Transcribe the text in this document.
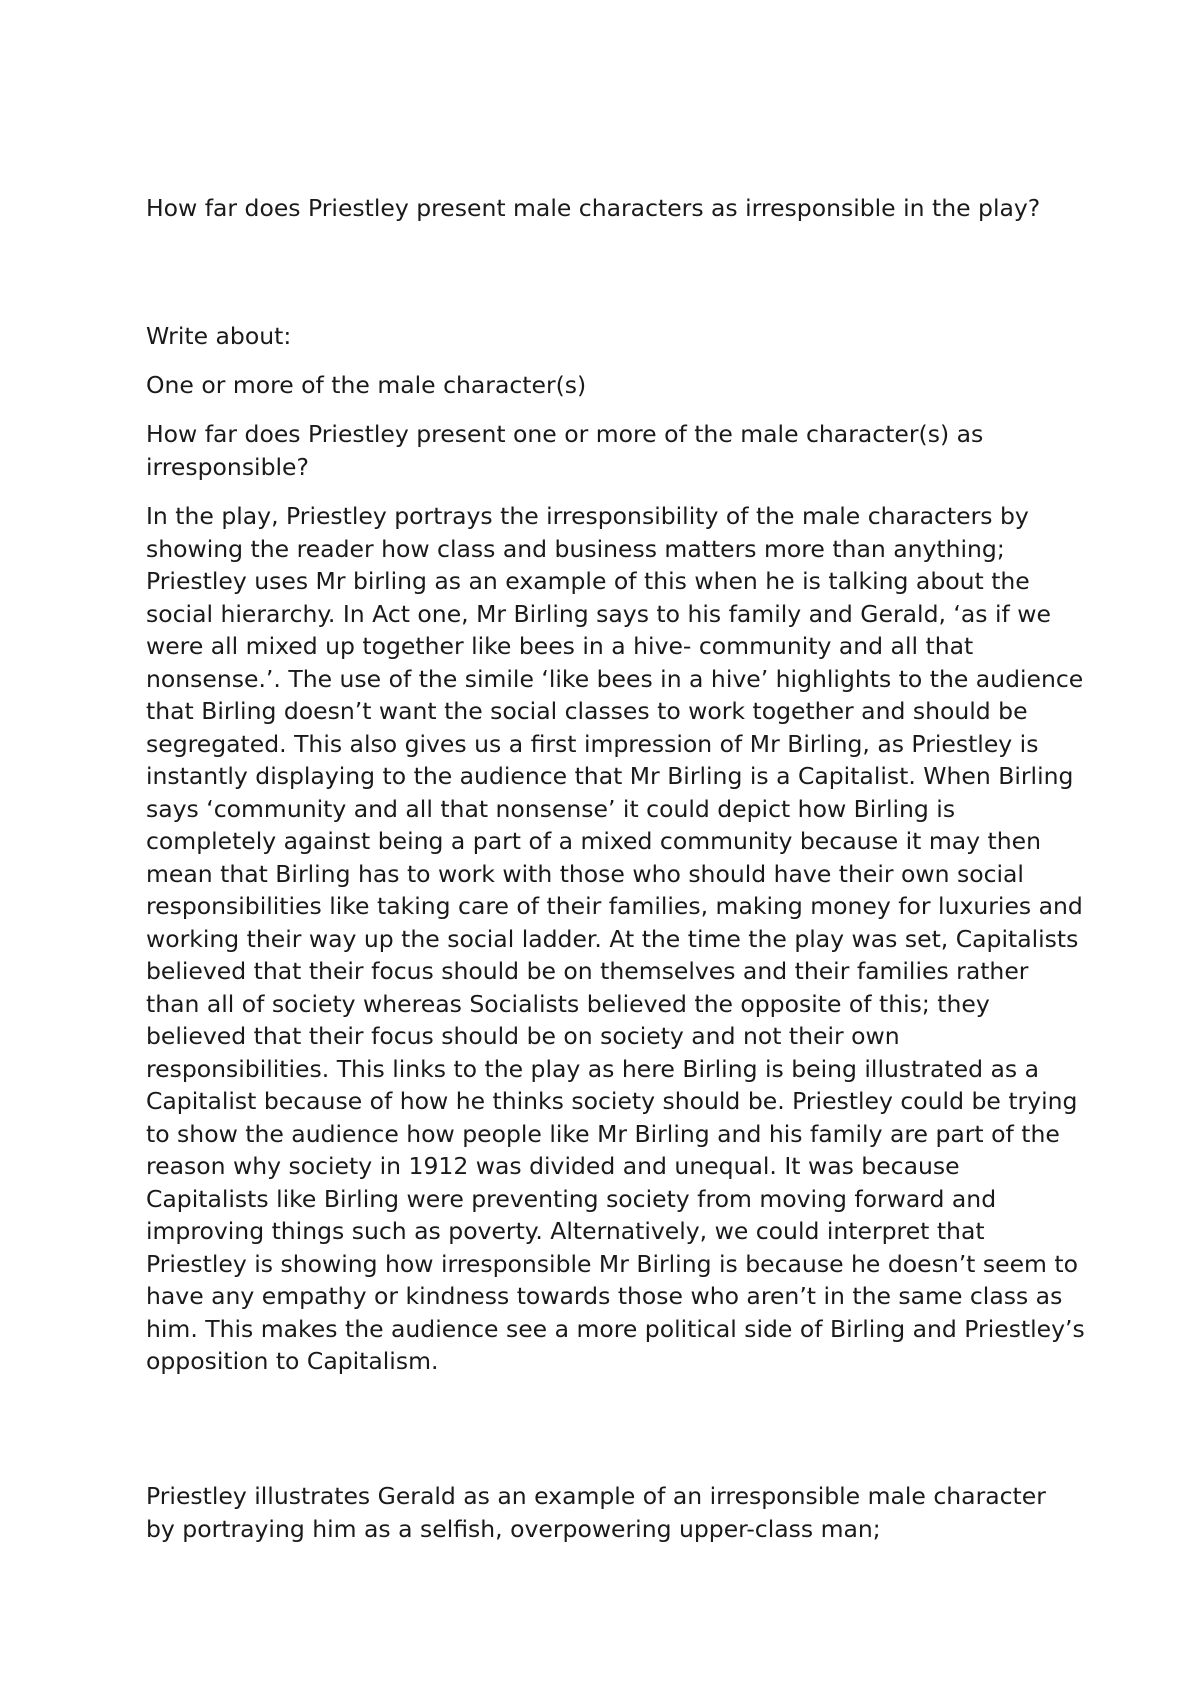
How far does Priestley present male characters as irresponsible in the play?

Write about:

One or more of the male character(s)

How far does Priestley present one or more of the male character(s) as irresponsible?

In the play, Priestley portrays the irresponsibility of the male characters by showing the reader how class and business matters more than anything; Priestley uses Mr birling as an example of this when he is talking about the social hierarchy. In Act one, Mr Birling says to his family and Gerald, ‘as if we were all mixed up together like bees in a hive- community and all that nonsense.’. The use of the simile ‘like bees in a hive’ highlights to the audience that Birling doesn’t want the social classes to work together and should be segregated. This also gives us a first impression of Mr Birling, as Priestley is instantly displaying to the audience that Mr Birling is a Capitalist. When Birling says ‘community and all that nonsense’ it could depict how Birling is completely against being a part of a mixed community because it may then mean that Birling has to work with those who should have their own social responsibilities like taking care of their families, making money for luxuries and working their way up the social ladder. At the time the play was set, Capitalists believed that their focus should be on themselves and their families rather than all of society whereas Socialists believed the opposite of this; they believed that their focus should be on society and not their own responsibilities. This links to the play as here Birling is being illustrated as a Capitalist because of how he thinks society should be. Priestley could be trying to show the audience how people like Mr Birling and his family are part of the reason why society in 1912 was divided and unequal. It was because Capitalists like Birling were preventing society from moving forward and improving things such as poverty. Alternatively, we could interpret that Priestley is showing how irresponsible Mr Birling is because he doesn’t seem to have any empathy or kindness towards those who aren’t in the same class as him. This makes the audience see a more political side of Birling and Priestley’s opposition to Capitalism.

Priestley illustrates Gerald as an example of an irresponsible male character by portraying him as a selfish, overpowering upper-class man;
